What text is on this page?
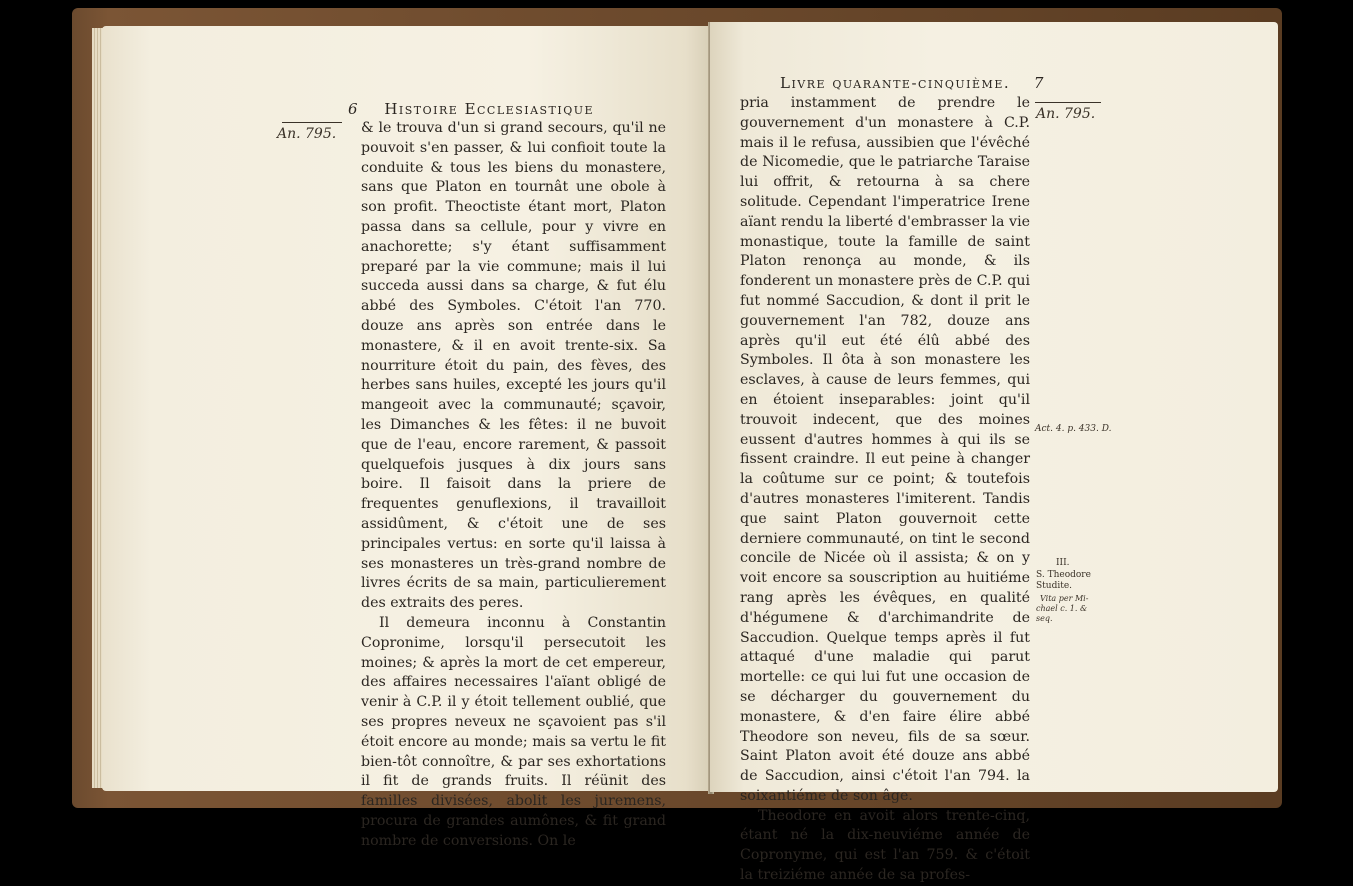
6 Histoire Ecclesiastique
An. 795. & le trouva d'un si grand secours, qu'il ne pouvoit s'en passer, & lui confioit toute la conduite & tous les biens du monastere, sans que Platon en tournât une obole à son profit. Theoctiste étant mort, Platon passa dans sa cellule, pour y vivre en anachorette; s'y étant suffisamment preparé par la vie commune; mais il lui succeda aussi dans sa charge, & fut élu abbé des Symboles. C'étoit l'an 770. douze ans après son entrée dans le monastere, & il en avoit trente-six. Sa nourriture étoit du pain, des fèves, des herbes sans huiles, excepté les jours qu'il mangeoit avec la communauté; sçavoir, les Dimanches & les fêtes: il ne buvoit que de l'eau, encore rarement, & passoit quelquefois jusques à dix jours sans boire. Il faisoit dans la priere de frequentes genuflexions, il travailloit assidûment, & c'étoit une de ses principales vertus: en sorte qu'il laissa à ses monasteres un très-grand nombre de livres écrits de sa main, particulierement des extraits des peres.

Il demeura inconnu à Constantin Copronime, lorsqu'il persecutoit les moines; & après la mort de cet empereur, des affaires necessaires l'aïant obligé de venir à C.P. il y étoit tellement oublié, que ses propres neveux ne sçavoient pas s'il étoit encore au monde; mais sa vertu le fit bien-tôt connoître, & par ses exhortations il fit de grands fruits. Il réünit des familles divisées, abolit les juremens, procura de grandes aumônes, & fit grand nombre de conversions. On le

Livre quarante-cinquième. 7
An. 795.

pria instamment de prendre le gouvernement d'un monastere à C.P. mais il le refusa, aussibien que l'évêché de Nicomedie, que le patriarche Taraise lui offrit, & retourna à sa chere solitude. Cependant l'imperatrice Irene aïant rendu la liberté d'embrasser la vie monastique, toute la famille de saint Platon renonça au monde, & ils fonderent un monastere près de C.P. qui fut nommé Saccudion, & dont il prit le gouvernement l'an 782, douze ans après qu'il eut été élû abbé des Symboles. Il ôta à son monastere les esclaves, à cause de leurs femmes, qui en étoient inseparables: joint qu'il trouvoit indecent, que des moines eussent d'autres hommes à qui ils se fissent craindre. Il eut peine à changer la coûtume sur ce point; & toutefois d'autres monasteres l'imiterent. Tandis que saint Platon gouvernoit cette derniere communauté, on tint le second concile de Nicée où il assista; & on y voit encore sa souscription au huitiéme rang après les évêques, en qualité d'hégumene & d'archimandrite de Saccudion. Quelque temps après il fut attaqué d'une maladie qui parut mortelle: ce qui lui fut une occasion de se décharger du gouvernement du monastere, & d'en faire élire abbé Theodore son neveu, fils de sa sœur. Saint Platon avoit été douze ans abbé de Saccudion, ainsi c'étoit l'an 794. la soixantiéme de son âge.

Theodore en avoit alors trente-cinq, étant né la dix-neuviéme année de Copronyme, qui est l'an 759. & c'étoit la treiziéme année de sa profes-

Act. 4. p. 433. D.
III.
S. Theodore
Studite.
Vita per Mi-
chael c. 1. &
seq.
